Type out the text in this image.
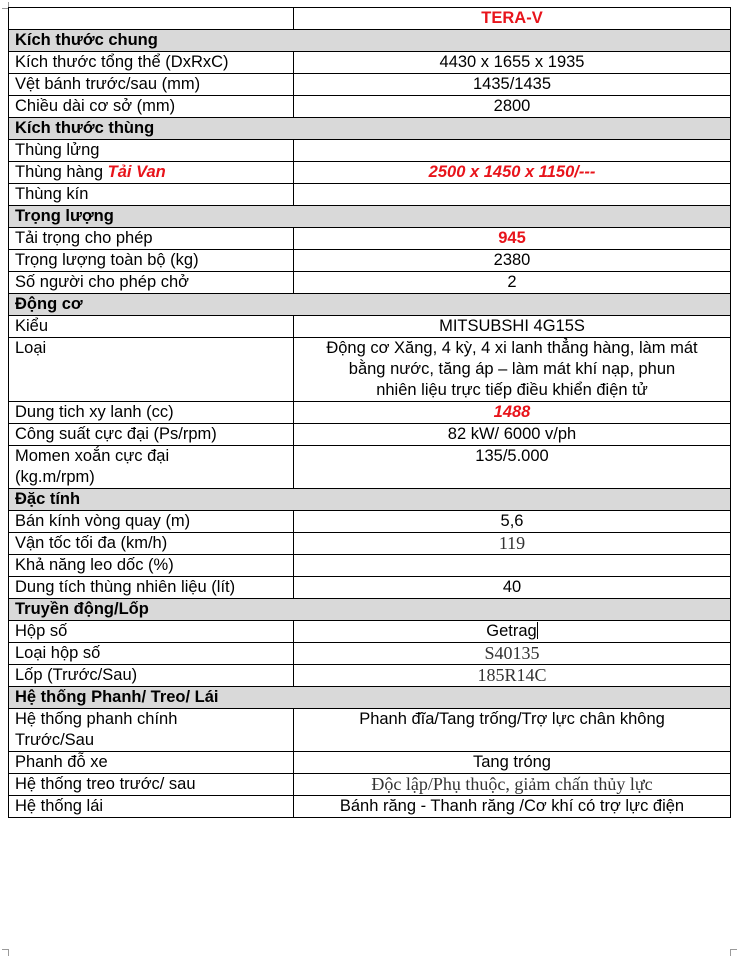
	TERA-V
Kích thước chung	
Kích thước tổng thể (DxRxC)	4430 x 1655 x 1935
Vệt bánh trước/sau (mm)	1435/1435
Chiều dài cơ sở (mm)	2800
Kích thước thùng	
Thùng lửng	
Thùng hàng Tải Van	2500 x 1450 x 1150/---
Thùng kín	
Trọng lượng	
Tải trọng cho phép	945
Trọng lượng toàn bộ (kg)	2380
Số người cho phép chở	2
Động cơ	
Kiểu	MITSUBSHI 4G15S
Loại	Động cơ Xăng, 4 kỳ, 4 xi lanh thẳng hàng, làm mát
bằng nước, tăng áp – làm mát khí nạp, phun
nhiên liệu trực tiếp điều khiển điện tử

Dung tich xy lanh (cc)	1488
Công suất cực đại (Ps/rpm)	82 kW/ 6000 v/ph

Momen xoắn cực đại
(kg.m/rpm)	135/5.000
Đặc tính	
Bán kính vòng quay (m)	5,6
Vận tốc tối đa (km/h)	119
Khả năng leo dốc (%)	
Dung tích thùng nhiên liệu (lít)	40
Truyền động/Lốp	
Hộp số	Getrag
Loại hộp số	S40135
Lốp (Trước/Sau)	185R14C
Hệ thống Phanh/ Treo/ Lái	

Hệ thống phanh chính
Trước/Sau	Phanh đĩa/Tang trống/Trợ lực chân không
Phanh đỗ xe	Tang tróng
Hệ thống treo trước/ sau	Độc lập/Phụ thuộc, giảm chấn thủy lực
Hệ thống lái	Bánh răng - Thanh răng /Cơ khí có trợ lực điện
